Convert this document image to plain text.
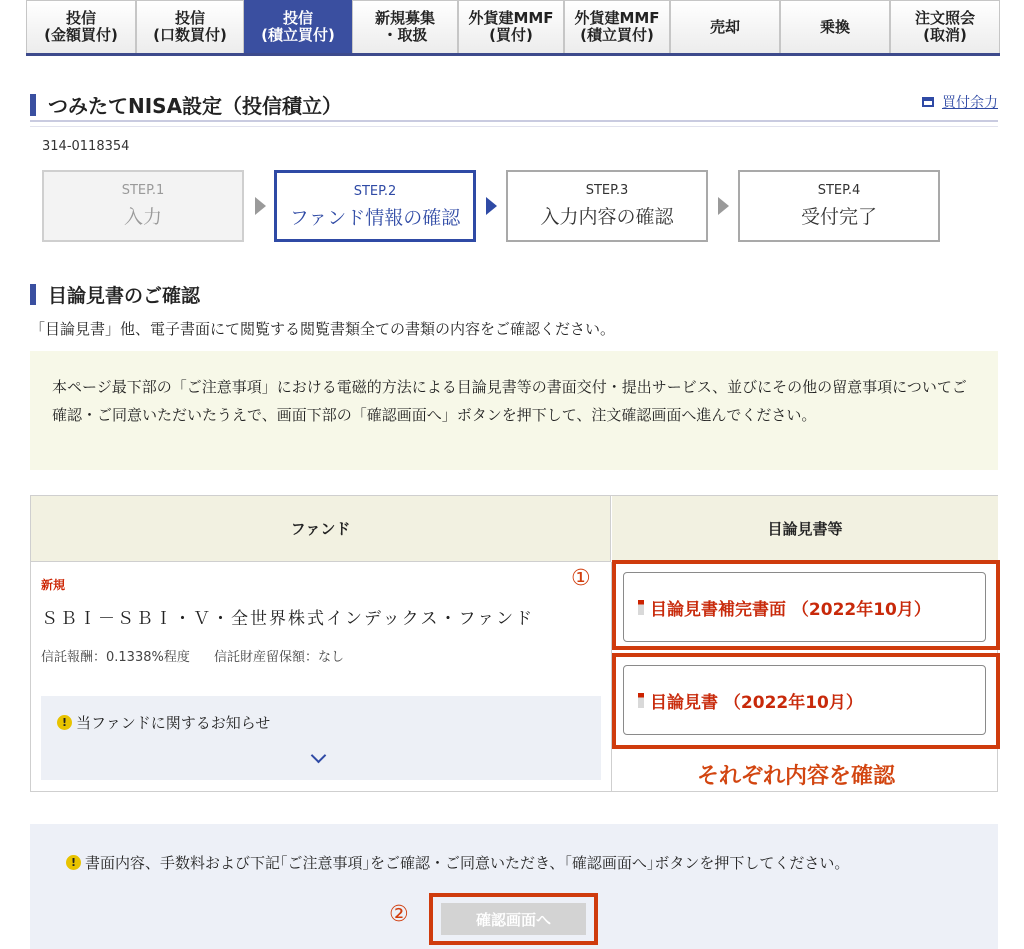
投信
(金額買付)
投信
(口数買付)
投信
(積立買付)
新規募集
・取扱
外貨建MMF
(買付)
外貨建MMF
(積立買付)	売却	乗換	注文照会
(取消)
つみたてNISA設定（投信積立）	買付余力
314-0118354
STEP.1
入力
STEP.2
ファンド情報の確認
STEP.3
入力内容の確認
STEP.4
受付完了
目論見書のご確認
「目論見書」他、電子書面にて閲覧する閲覧書類全ての書類の内容をご確認ください。

本ページ最下部の「ご注意事項」における電磁的方法による目論見書等の書面交付・提出サービス、並びにその他の留意事項についてご確認・ご同意いただいたうえで、画面下部の「確認画面へ」ボタンを押下して、注文確認画面へ進んでください。

ファンド	目論見書等
新規
ＳＢＩ－ＳＢＩ・Ｖ・全世界株式インデックス・ファンド
信託報酬：0.1338%程度 信託財産留保額：なし
! 当ファンドに関するお知らせ
①
目論見書補完書面 （2022年10月）
目論見書 （2022年10月）
それぞれ内容を確認
! 書面内容、手数料および下記｢ご注意事項｣をご確認・ご同意いただき、｢確認画面へ｣ボタンを押下してください。
②	確認画面へ
